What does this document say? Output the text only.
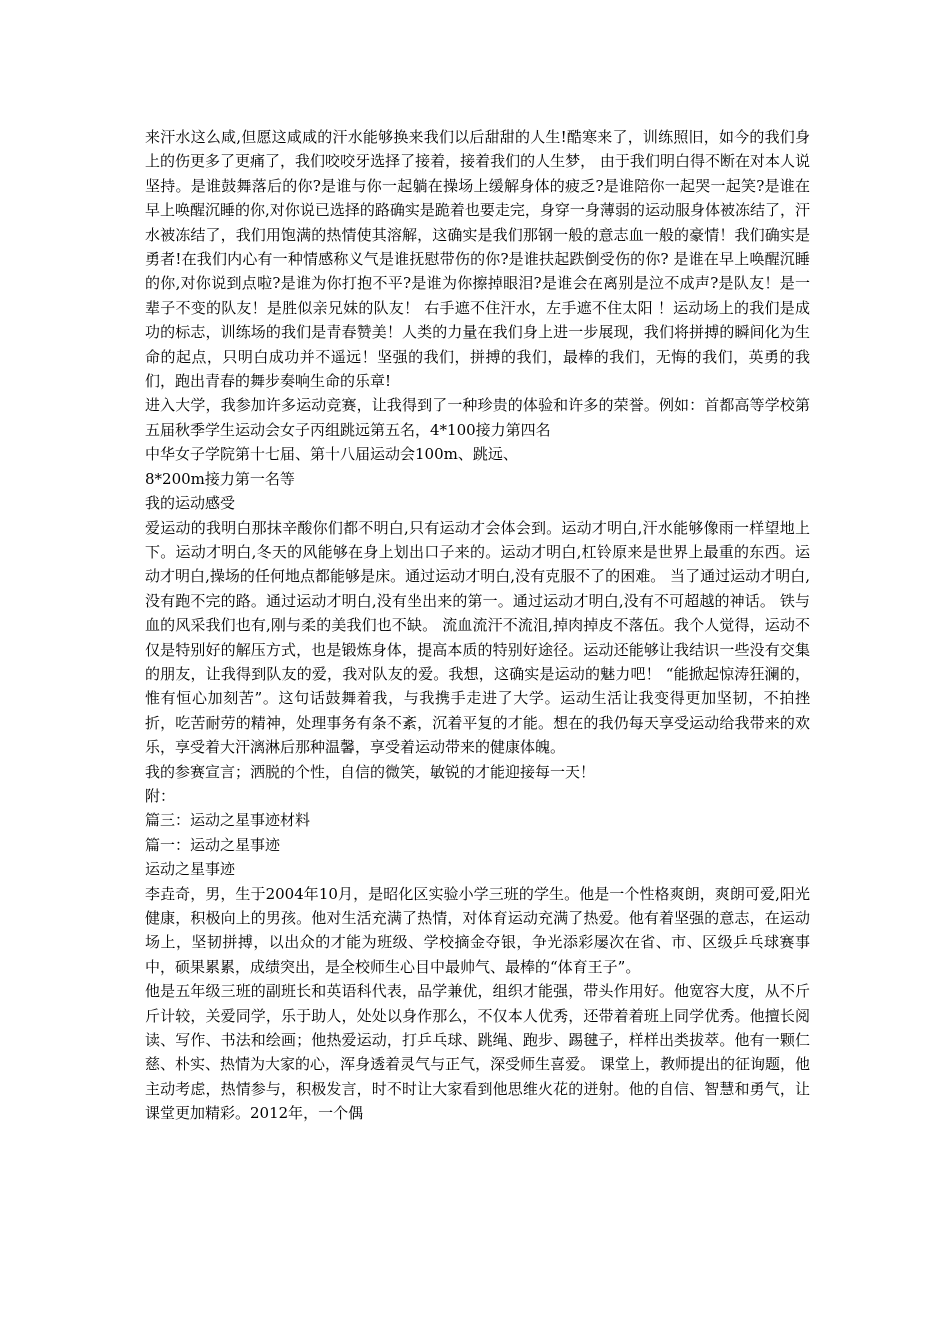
来汗水这么咸,但愿这咸咸的汗水能够换来我们以后甜甜的人生!酷寒来了，训练照旧，如今的我们身上的伤更多了更痛了，我们咬咬牙选择了接着，接着我们的人生梦， 由于我们明白得不断在对本人说坚持。是谁鼓舞落后的你?是谁与你一起躺在操场上缓解身体的疲乏?是谁陪你一起哭一起笑?是谁在早上唤醒沉睡的你,对你说已选择的路确实是跪着也要走完，身穿一身薄弱的运动服身体被冻结了，汗水被冻结了，我们用饱满的热情使其溶解，这确实是我们那钢一般的意志血一般的豪情！我们确实是勇者!在我们内心有一种情感称义气是谁抚慰带伤的你?是谁扶起跌倒受伤的你? 是谁在早上唤醒沉睡的你,对你说到点啦?是谁为你打抱不平?是谁为你擦掉眼泪?是谁会在离别是泣不成声?是队友！是一辈子不变的队友！是胜似亲兄妹的队友！ 右手遮不住汗水，左手遮不住太阳 ！运动场上的我们是成功的标志，训练场的我们是青春赞美！人类的力量在我们身上进一步展现，我们将拼搏的瞬间化为生命的起点，只明白成功并不遥远！坚强的我们，拼搏的我们，最棒的我们，无悔的我们，英勇的我们，跑出青春的舞步奏响生命的乐章!

进入大学，我参加许多运动竞赛，让我得到了一种珍贵的体验和许多的荣誉。例如：首都高等学校第五届秋季学生运动会女子丙组跳远第五名，4*100接力第四名

中华女子学院第十七届、第十八届运动会100m、跳远、

8*200m接力第一名等

我的运动感受

爱运动的我明白那抹辛酸你们都不明白,只有运动才会体会到。运动才明白,汗水能够像雨一样望地上下。运动才明白,冬天的风能够在身上划出口子来的。运动才明白,杠铃原来是世界上最重的东西。运动才明白,操场的任何地点都能够是床。通过运动才明白,没有克服不了的困难。 当了通过运动才明白,没有跑不完的路。通过运动才明白,没有坐出来的第一。通过运动才明白,没有不可超越的神话。 铁与血的风采我们也有,刚与柔的美我们也不缺。 流血流汗不流泪,掉肉掉皮不落伍。我个人觉得，运动不仅是特别好的解压方式，也是锻炼身体，提高本质的特别好途径。运动还能够让我结识一些没有交集的朋友，让我得到队友的爱，我对队友的爱。我想，这确实是运动的魅力吧！ “能掀起惊涛狂澜的，惟有恒心加刻苦”。这句话鼓舞着我，与我携手走进了大学。运动生活让我变得更加坚韧，不拍挫折，吃苦耐劳的精神，处理事务有条不紊，沉着平复的才能。想在的我仍每天享受运动给我带来的欢乐，享受着大汗漓淋后那种温馨，享受着运动带来的健康体魄。

我的参赛宣言；洒脱的个性，自信的微笑，敏锐的才能迎接每一天！

附：

篇三：运动之星事迹材料

篇一：运动之星事迹

运动之星事迹

李垚奇，男，生于2004年10月，是昭化区实验小学三班的学生。他是一个性格爽朗，爽朗可爱,阳光健康，积极向上的男孩。他对生活充满了热情，对体育运动充满了热爱。他有着坚强的意志，在运动场上，坚韧拼搏，以出众的才能为班级、学校摘金夺银，争光添彩屡次在省、市、区级乒乓球赛事中，硕果累累，成绩突出，是全校师生心目中最帅气、最棒的“体育王子”。

他是五年级三班的副班长和英语科代表，品学兼优，组织才能强，带头作用好。他宽容大度，从不斤斤计较，关爱同学，乐于助人，处处以身作那么，不仅本人优秀，还带着着班上同学优秀。他擅长阅读、写作、书法和绘画；他热爱运动，打乒乓球、跳绳、跑步、踢毽子，样样出类拔萃。他有一颗仁慈、朴实、热情为大家的心，浑身透着灵气与正气，深受师生喜爱。 课堂上，教师提出的征询题，他主动考虑，热情参与，积极发言，时不时让大家看到他思维火花的迸射。他的自信、智慧和勇气，让课堂更加精彩。2012年，一个偶
